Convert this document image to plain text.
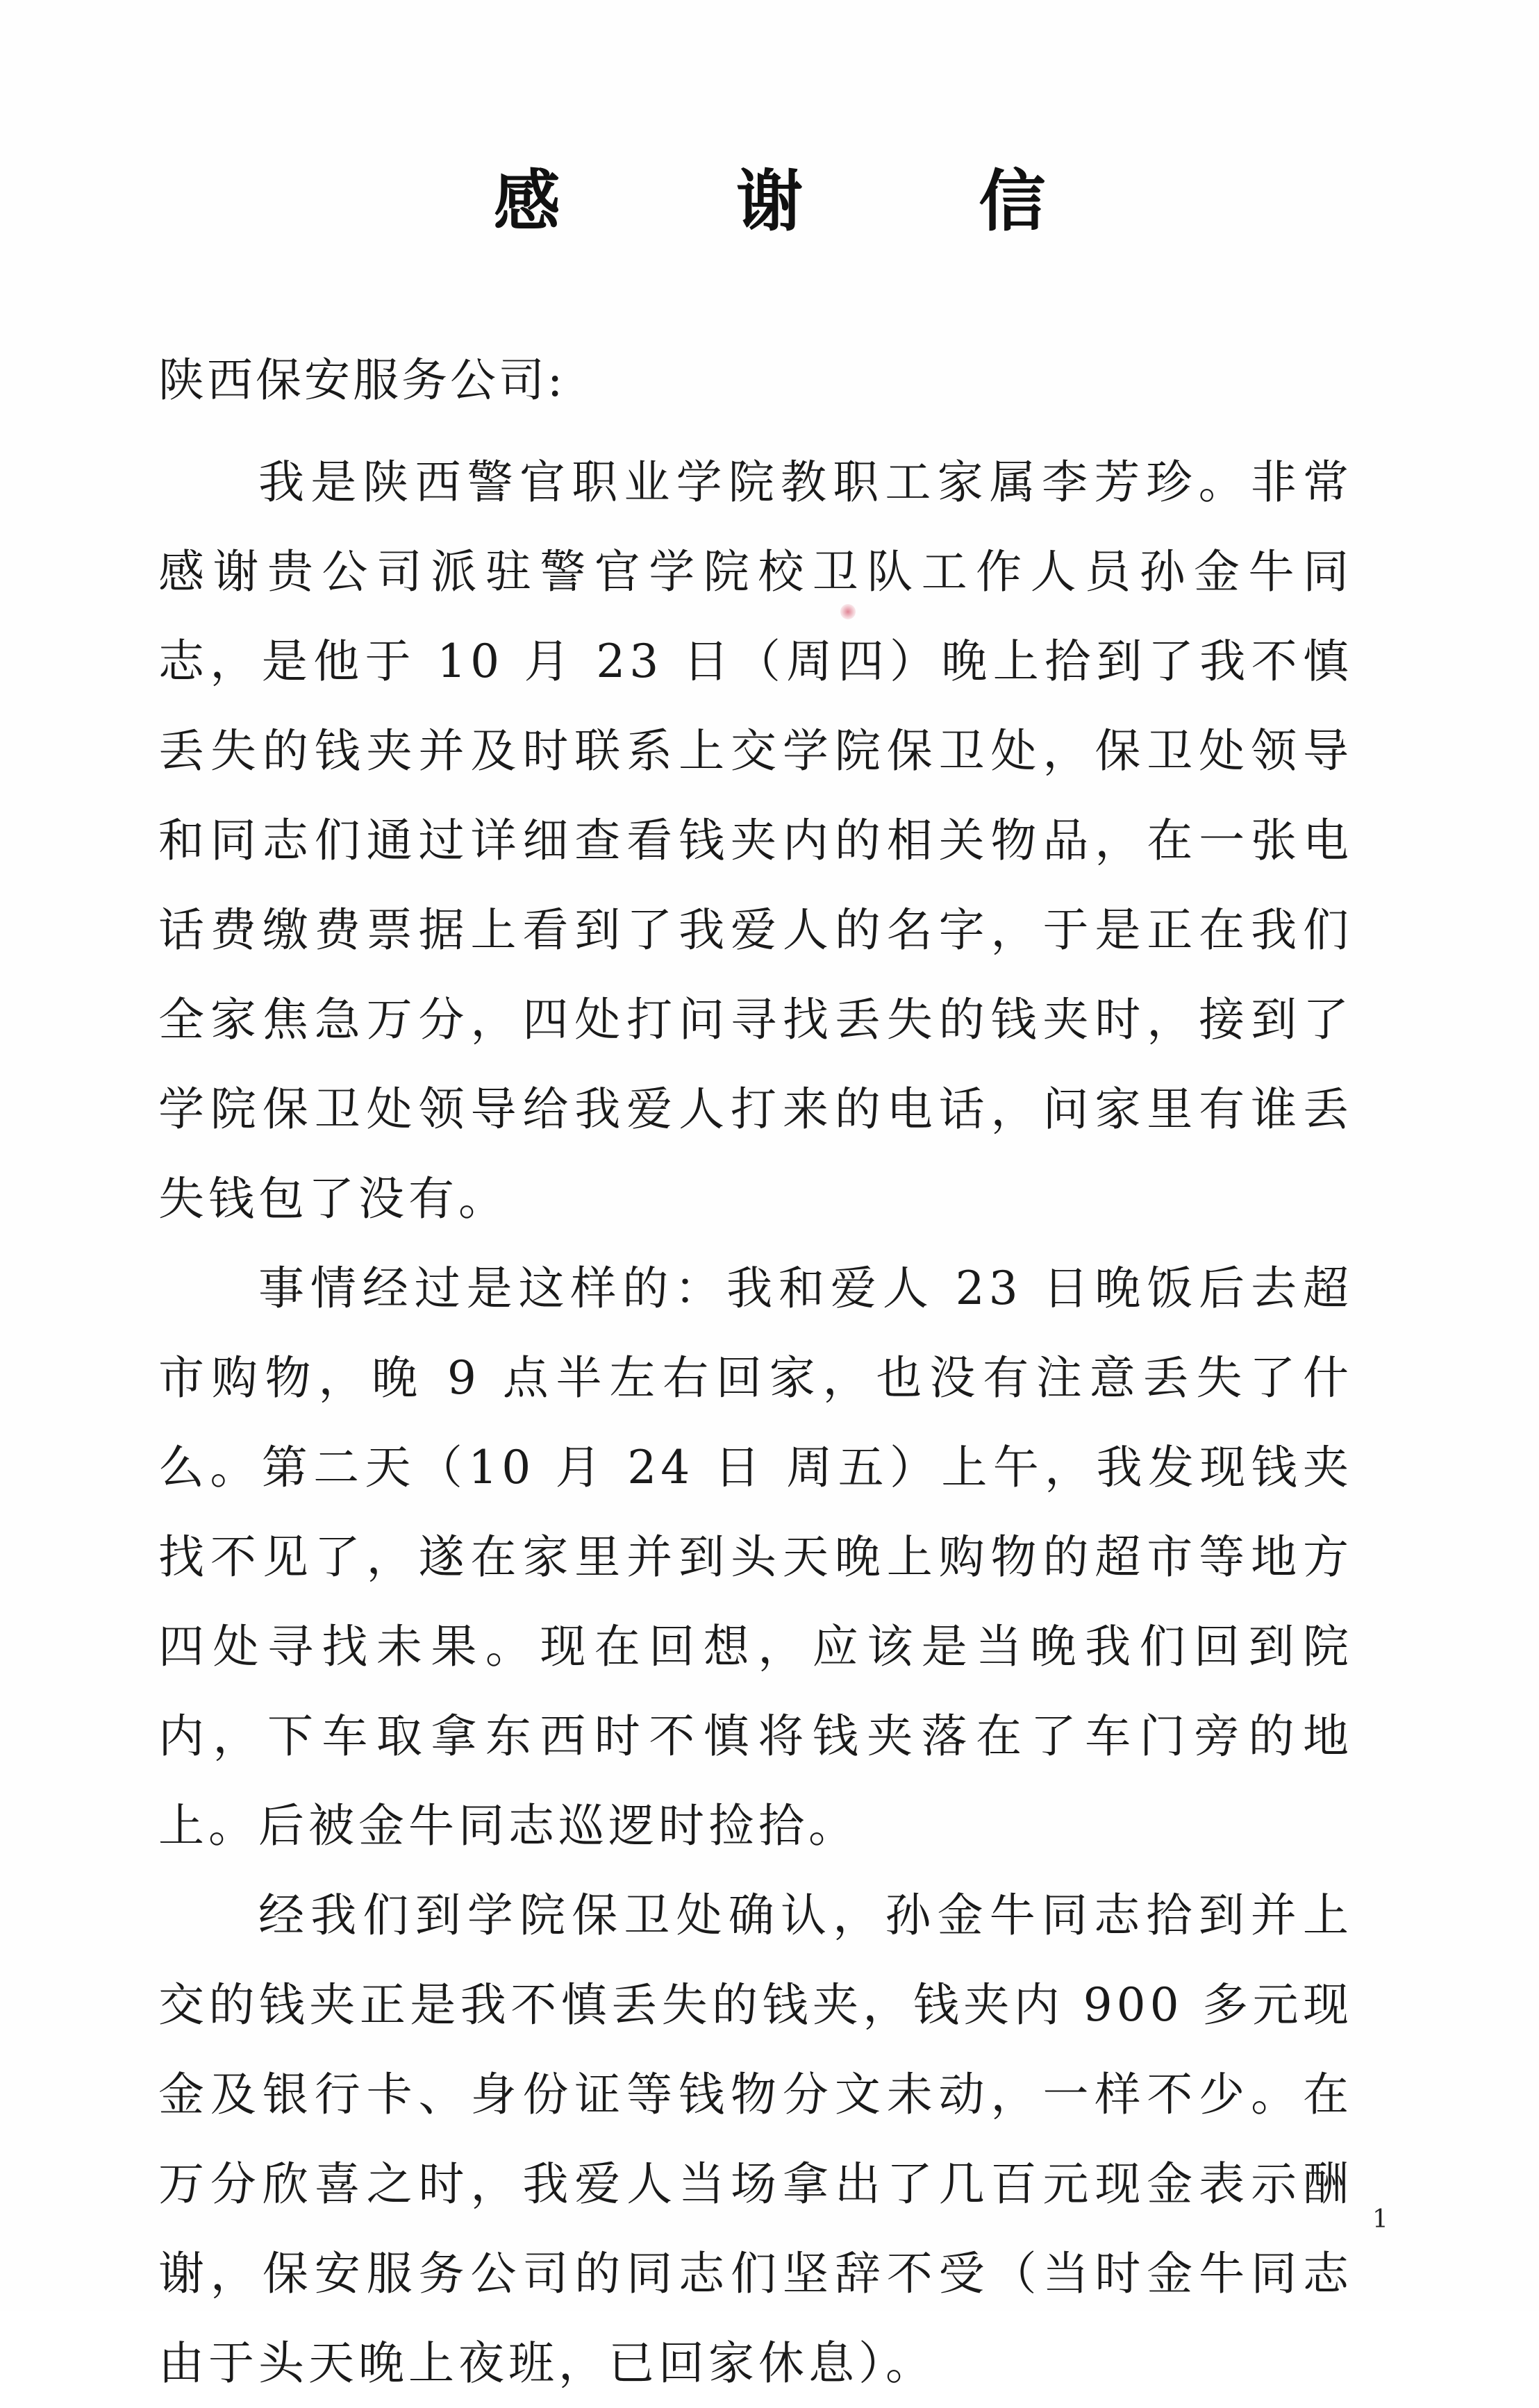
感 谢 信
陕西保安服务公司:

我是陕西警官职业学院教职工家属李芳珍。非常感谢贵公司派驻警官学院校卫队工作人员孙金牛同志，是他于 10 月 23 日（周四）晚上拾到了我不慎丢失的钱夹并及时联系上交学院保卫处，保卫处领导和同志们通过详细查看钱夹内的相关物品，在一张电话费缴费票据上看到了我爱人的名字，于是正在我们全家焦急万分，四处打问寻找丢失的钱夹时，接到了学院保卫处领导给我爱人打来的电话，问家里有谁丢失钱包了没有。

事情经过是这样的：我和爱人 23 日晚饭后去超市购物，晚 9 点半左右回家，也没有注意丢失了什么。第二天（10 月 24 日 周五）上午，我发现钱夹找不见了，遂在家里并到头天晚上购物的超市等地方四处寻找未果。现在回想，应该是当晚我们回到院内，下车取拿东西时不慎将钱夹落在了车门旁的地上。后被金牛同志巡逻时捡拾。

经我们到学院保卫处确认，孙金牛同志拾到并上交的钱夹正是我不慎丢失的钱夹，钱夹内 900 多元现金及银行卡、身份证等钱物分文未动，一样不少。在万分欣喜之时，我爱人当场拿出了几百元现金表示酬谢，保安服务公司的同志们坚辞不受（当时金牛同志由于头天晚上夜班，已回家休息）。

1
